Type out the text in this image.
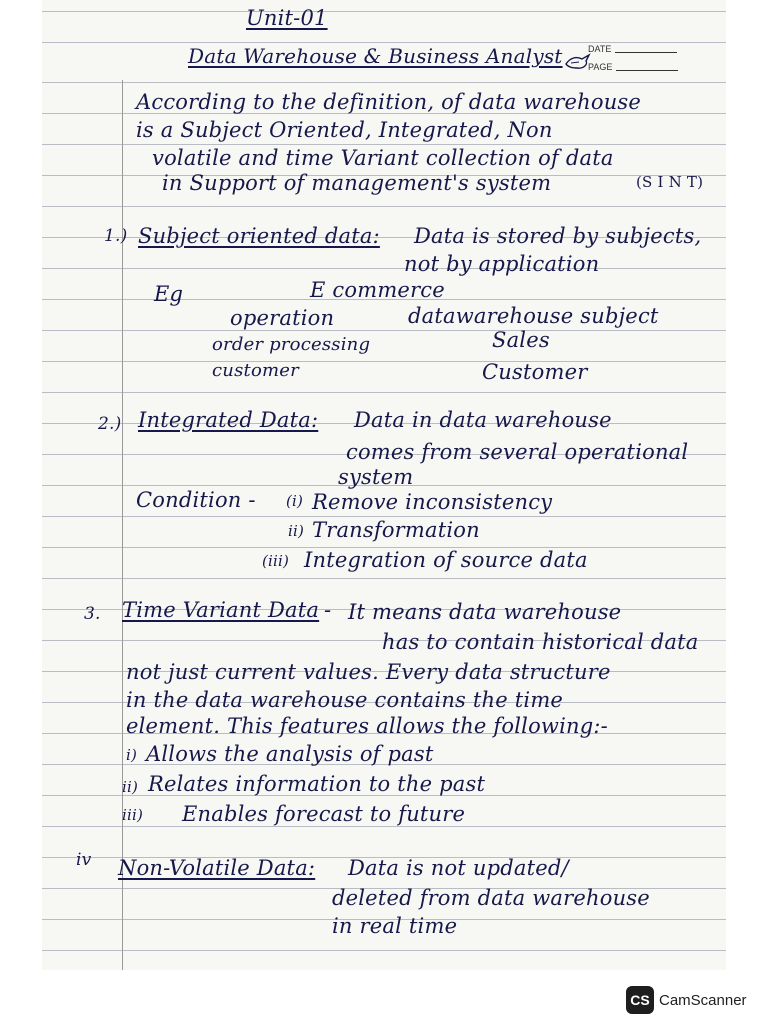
Unit-01
Data Warehouse & Business Analyst	DATE
PAGE
According to the definition, of data warehouse
is a Subject Oriented, Integrated, Non
volatile and time Variant collection of data
in Support of management's system	(S I N T)
1.) Subject oriented data: Data is stored by subjects,
not by application
Eg	E commerce
operation	datawarehouse subject
order processing	Sales
customer	Customer
2.) Integrated Data: Data in data warehouse
comes from several operational
system
Condition - (i) Remove inconsistency
ii) Transformation
(iii) Integration of source data
3. Time Variant Data - It means data warehouse
has to contain historical data
not just current values. Every data structure
in the data warehouse contains the time
element. This features allows the following:-
i) Allows the analysis of past
ii) Relates information to the past
iii) Enables forecast to future
iv Non-Volatile Data: Data is not updated/
deleted from data warehouse
in real time
CS CamScanner
